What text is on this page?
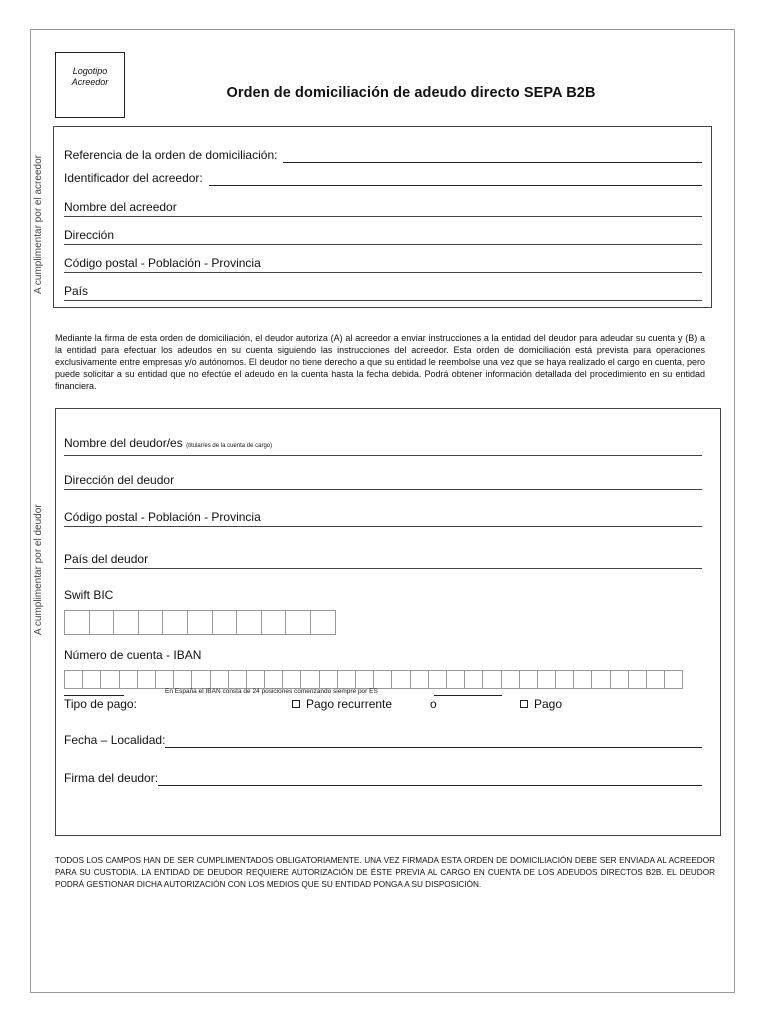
Logotipo
Acreedor
Orden de domiciliación de adeudo directo SEPA B2B
A cumplimentar por el acreedor
Referencia de la orden de domiciliación:
Identificador del acreedor:
Nombre del acreedor
Dirección
Código postal - Población - Provincia
País
Mediante la firma de esta orden de domiciliación, el deudor autoriza (A) al acreedor a enviar instrucciones a la entidad del deudor para adeudar su cuenta y (B) a la entidad para efectuar los adeudos en su cuenta siguiendo las instrucciones del acreedor. Esta orden de domiciliación está prevista para operaciones exclusivamente entre empresas y/o autónomos. El deudor no tiene derecho a que su entidad le reembolse una vez que se haya realizado el cargo en cuenta, pero puede solicitar a su entidad que no efectúe el adeudo en la cuenta hasta la fecha debida. Podrá obtener información detallada del procedimiento en su entidad financiera.
A cumplimentar por el deudor
Nombre del deudor/es (titular/es de la cuenta de cargo)
Dirección del deudor
Código postal - Población - Provincia
País del deudor
Swift BIC
Número de cuenta - IBAN
En España el IBAN consta de 24 posiciones comenzando siempre por ES
Tipo de pago:	Pago recurrente	o	Pago
Fecha – Localidad:
Firma del deudor:
TODOS LOS CAMPOS HAN DE SER CUMPLIMENTADOS OBLIGATORIAMENTE. UNA VEZ FIRMADA ESTA ORDEN DE DOMICILIACIÓN DEBE SER ENVIADA AL ACREEDOR PARA SU CUSTODIA. LA ENTIDAD DE DEUDOR REQUIERE AUTORIZACIÓN DE ÉSTE PREVIA AL CARGO EN CUENTA DE LOS ADEUDOS DIRECTOS B2B. EL DEUDOR PODRÁ GESTIONAR DICHA AUTORIZACIÓN CON LOS MEDIOS QUE SU ENTIDAD PONGA A SU DISPOSICIÓN.
